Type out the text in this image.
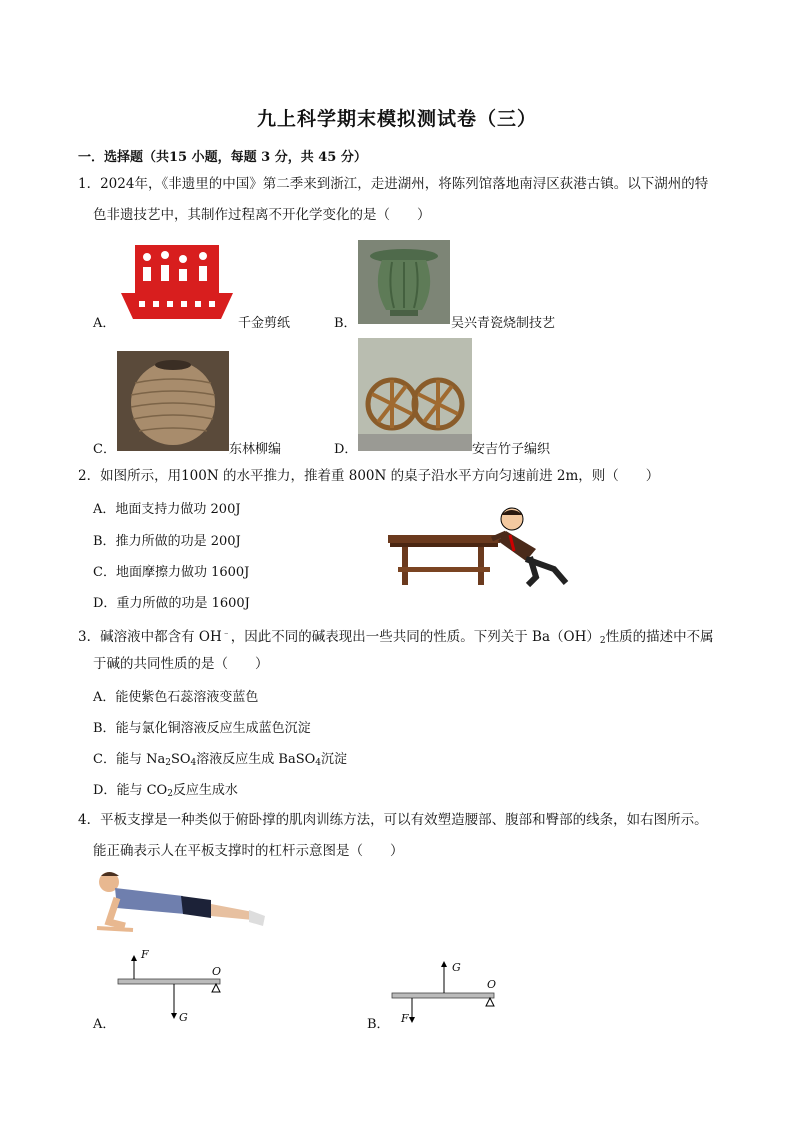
九上科学期末模拟测试卷（三）
一．选择题（共15 小题，每题 3 分，共 45 分）
1．2024年，《非遗里的中国》第二季来到浙江，走进湖州，将陈列馆落地南浔区荻港古镇。以下湖州的特
色非遗技艺中，其制作过程离不开化学变化的是（　　）
A．	千金剪纸	B．	吴兴青瓷烧制技艺
C．	东林柳编	D．	安吉竹子编织
2．如图所示，用100N 的水平推力，推着重 800N 的桌子沿水平方向匀速前进 2m，则（　　）
A．地面支持力做功 200J
B．推力所做的功是 200J
C．地面摩擦力做功 1600J
D．重力所做的功是 1600J
3．碱溶液中都含有 OH﹣，因此不同的碱表现出一些共同的性质。下列关于 $Ba(OH)_2$性质的描述中不属
于碱的共同性质的是（　　）
A．能使紫色石蕊溶液变蓝色
B．能与氯化铜溶液反应生成蓝色沉淀
C．能与 $Na_2SO_4$溶液反应生成 BaSO$_4$沉淀
D．能与 $CO_2$反应生成水
4．平板支撑是一种类似于俯卧撑的肌肉训练方法，可以有效塑造腰部、腹部和臀部的线条，如右图所示。
能正确表示人在平板支撑时的杠杆示意图是（　　）
F
O
G
A．
G
O
F
B．
